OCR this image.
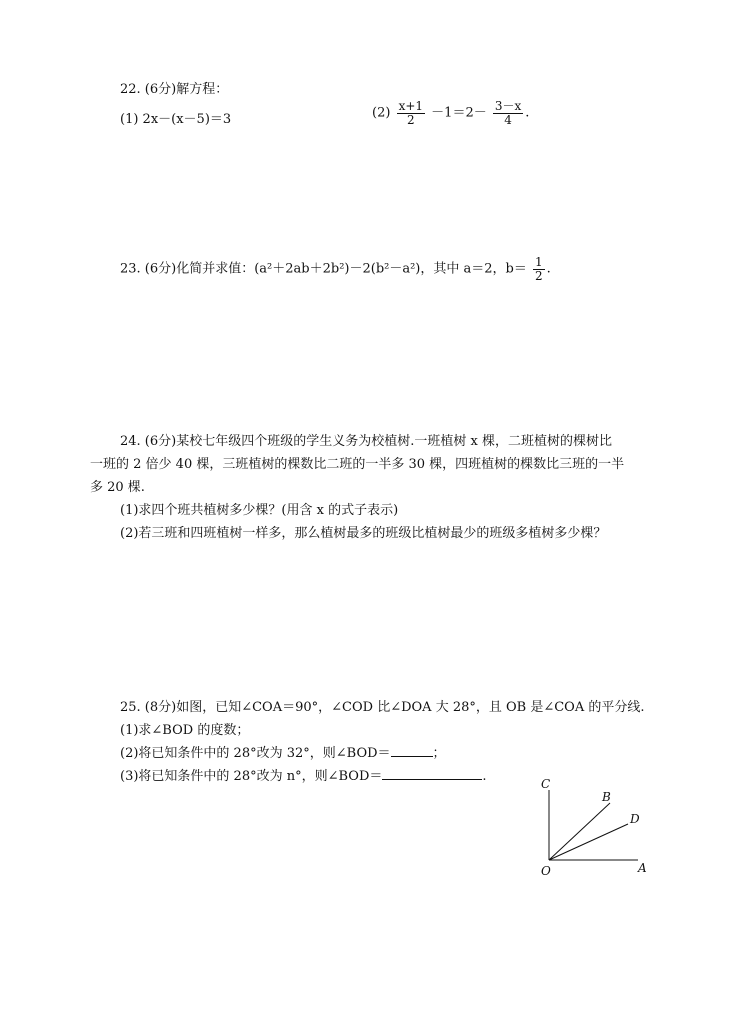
22. (6分)解方程：
(1) 2x－(x－5)＝3	$(2) \frac{x+1}{2} -1=2- \frac{3-x}{4}$ .
23. (6分)化简并求值：(a²＋2ab＋2b²)－2(b²－a²)，其中 a＝2，$b= \frac{1}{2}$ .
24. (6分)某校七年级四个班级的学生义务为校植树.一班植树 x 棵，二班植树的棵树比
一班的 2 倍少 40 棵，三班植树的棵数比二班的一半多 30 棵，四班植树的棵数比三班的一半
多 20 棵.
(1)求四个班共植树多少棵？(用含 x 的式子表示)
(2)若三班和四班植树一样多，那么植树最多的班级比植树最少的班级多植树多少棵？
25. (8分)如图，已知∠COA＝90°，∠COD 比∠DOA 大 28°，且 OB 是∠COA 的平分线.
(1)求∠BOD 的度数；
(2)将已知条件中的 28°改为 32°，则∠BOD＝	；
(3)将已知条件中的 28°改为 n°，则∠BOD＝	.	C
B
D
O	A
